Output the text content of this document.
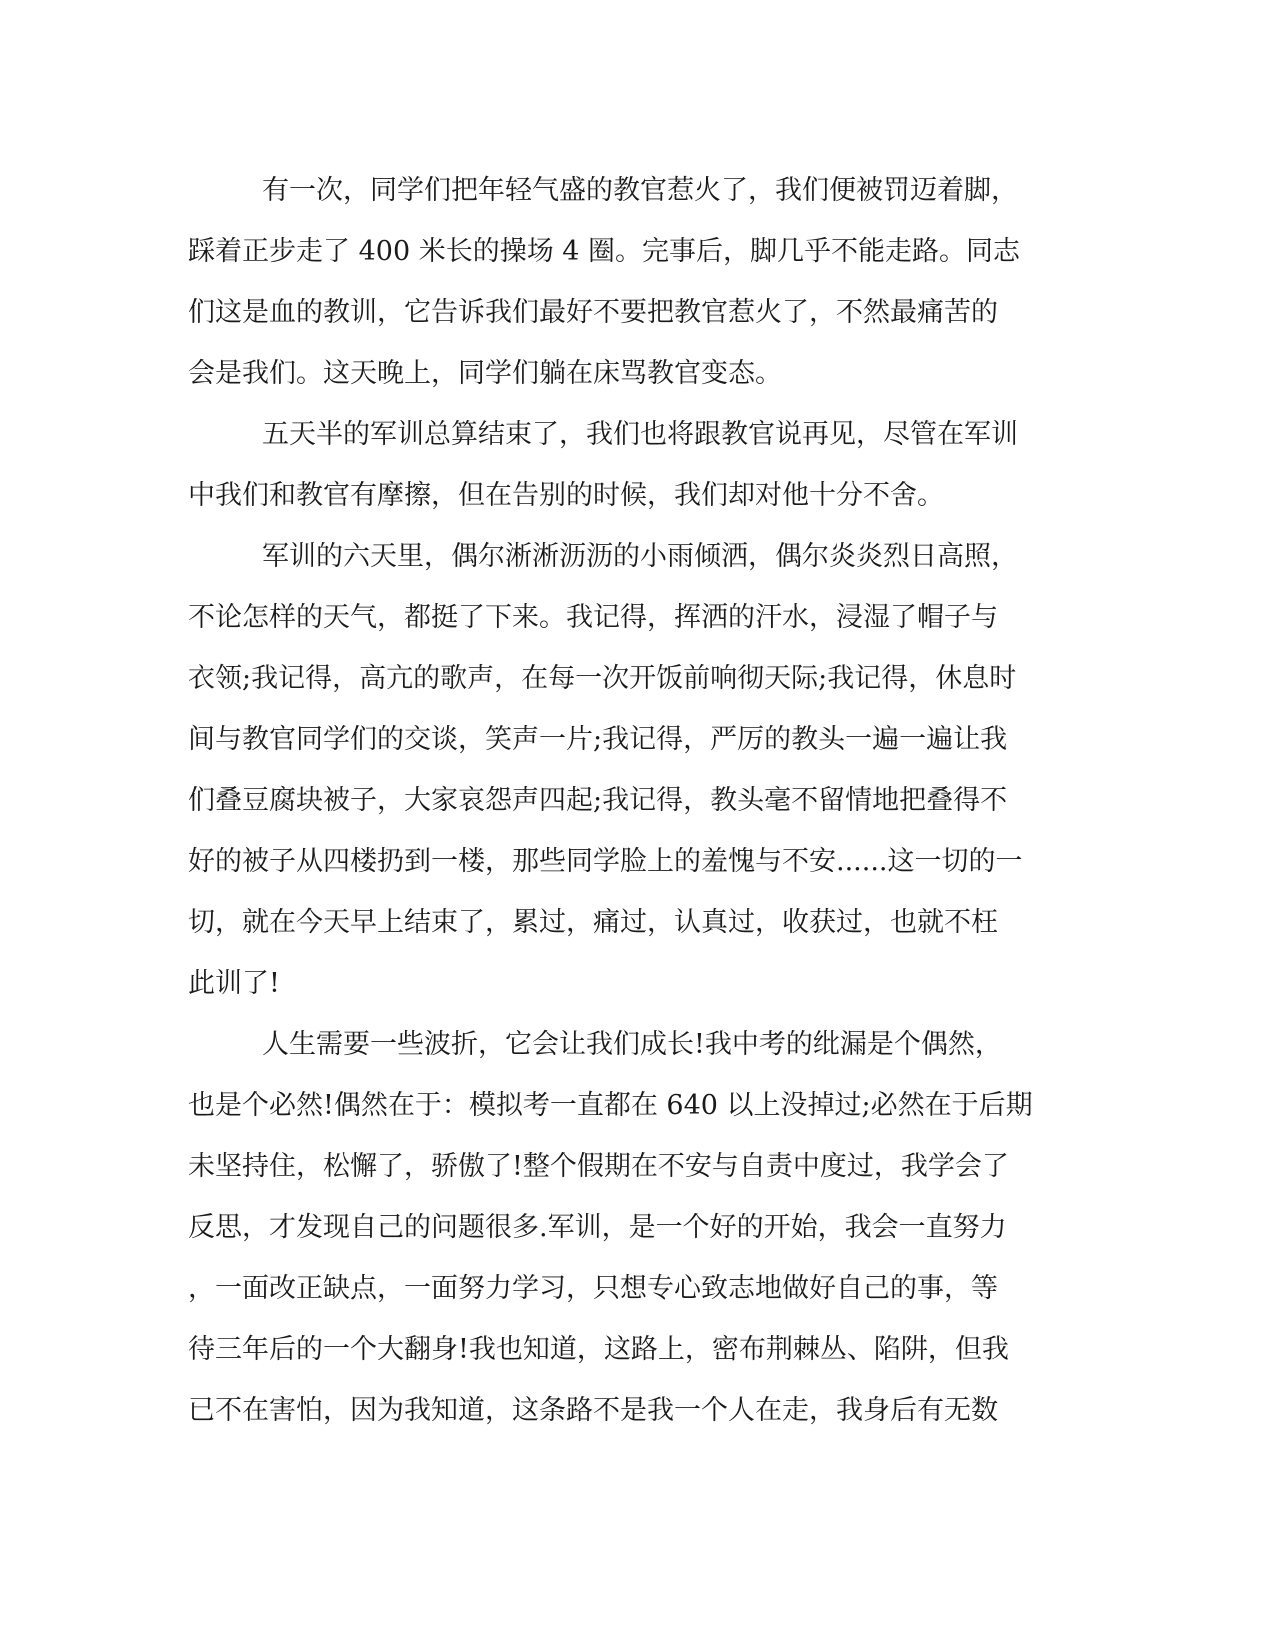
有一次，同学们把年轻气盛的教官惹火了，我们便被罚迈着脚，
踩着正步走了 400 米长的操场 4 圈。完事后，脚几乎不能走路。同志
们这是血的教训，它告诉我们最好不要把教官惹火了，不然最痛苦的
会是我们。这天晚上，同学们躺在床骂教官变态。
五天半的军训总算结束了，我们也将跟教官说再见，尽管在军训
中我们和教官有摩擦，但在告别的时候，我们却对他十分不舍。
军训的六天里，偶尔淅淅沥沥的小雨倾洒，偶尔炎炎烈日高照，
不论怎样的天气，都挺了下来。我记得，挥洒的汗水，浸湿了帽子与
衣领;我记得，高亢的歌声，在每一次开饭前响彻天际;我记得，休息时
间与教官同学们的交谈，笑声一片;我记得，严厉的教头一遍一遍让我
们叠豆腐块被子，大家哀怨声四起;我记得，教头毫不留情地把叠得不
好的被子从四楼扔到一楼，那些同学脸上的羞愧与不安......这一切的一
切，就在今天早上结束了，累过，痛过，认真过，收获过，也就不枉
此训了!
人生需要一些波折，它会让我们成长!我中考的纰漏是个偶然，
也是个必然!偶然在于：模拟考一直都在 640 以上没掉过;必然在于后期
未坚持住，松懈了，骄傲了!整个假期在不安与自责中度过，我学会了
反思，才发现自己的问题很多.军训，是一个好的开始，我会一直努力
，一面改正缺点，一面努力学习，只想专心致志地做好自己的事，等
待三年后的一个大翻身!我也知道，这路上，密布荆棘丛、陷阱，但我
已不在害怕，因为我知道，这条路不是我一个人在走，我身后有无数
